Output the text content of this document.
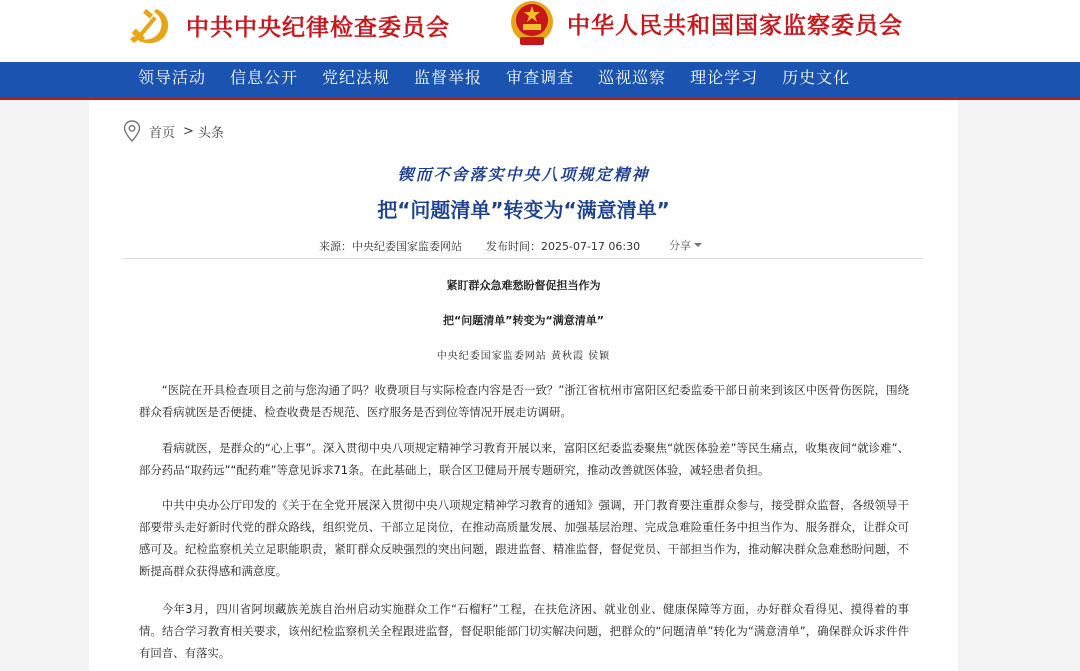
中共中央纪律检查委员会	中华人民共和国国家监察委员会
领导活动 信息公开 党纪法规 监督举报 审查调查 巡视巡察 理论学习 历史文化
首页 > 头条
锲而不舍落实中央八项规定精神
把“问题清单”转变为“满意清单”
来源：中央纪委国家监委网站 发布时间：2025-07-17 06:30	分享
紧盯群众急难愁盼督促担当作为
把“问题清单”转变为“满意清单”
中央纪委国家监委网站 黄秋霞 侯颖

“医院在开具检查项目之前与您沟通了吗？收费项目与实际检查内容是否一致？”浙江省杭州市富阳区纪委监委干部日前来到该区中医骨伤医院，围绕群众看病就医是否便捷、检查收费是否规范、医疗服务是否到位等情况开展走访调研。

看病就医，是群众的“心上事”。深入贯彻中央八项规定精神学习教育开展以来，富阳区纪委监委聚焦“就医体验差”等民生痛点，收集夜间“就诊难”、部分药品“取药远”“配药难”等意见诉求71条。在此基础上，联合区卫健局开展专题研究，推动改善就医体验，减轻患者负担。

中共中央办公厅印发的《关于在全党开展深入贯彻中央八项规定精神学习教育的通知》强调，开门教育要注重群众参与，接受群众监督，各级领导干部要带头走好新时代党的群众路线，组织党员、干部立足岗位，在推动高质量发展、加强基层治理、完成急难险重任务中担当作为、服务群众，让群众可感可及。纪检监察机关立足职能职责，紧盯群众反映强烈的突出问题，跟进监督、精准监督，督促党员、干部担当作为，推动解决群众急难愁盼问题，不断提高群众获得感和满意度。

今年3月，四川省阿坝藏族羌族自治州启动实施群众工作“石榴籽”工程，在扶危济困、就业创业、健康保障等方面，办好群众看得见、摸得着的事情。结合学习教育相关要求，该州纪检监察机关全程跟进监督，督促职能部门切实解决问题，把群众的“问题清单”转化为“满意清单”，确保群众诉求件件有回音、有落实。
